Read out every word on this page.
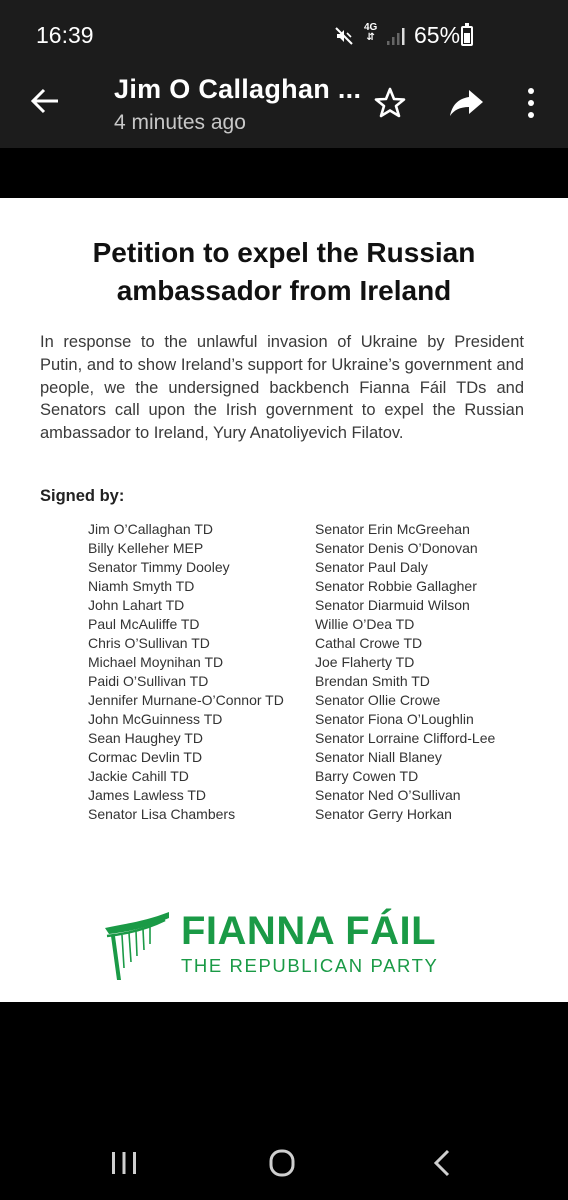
16:39	4G
⇵ 65%
Jim O Callaghan ...
4 minutes ago
Petition to expel the Russian ambassador from Ireland
In response to the unlawful invasion of Ukraine by President Putin, and to show Ireland’s support for Ukraine’s government and people, we the undersigned backbench Fianna Fáil TDs and Senators call upon the Irish government to expel the Russian ambassador to Ireland, Yury Anatoliyevich Filatov.
Signed by:
Jim O’Callaghan TD
Billy Kelleher MEP
Senator Timmy Dooley
Niamh Smyth TD
John Lahart TD
Paul McAuliffe TD
Chris O’Sullivan TD
Michael Moynihan TD
Paidi O’Sullivan TD
Jennifer Murnane-O’Connor TD
John McGuinness TD
Sean Haughey TD
Cormac Devlin TD
Jackie Cahill TD
James Lawless TD
Senator Lisa Chambers
Senator Erin McGreehan
Senator Denis O’Donovan
Senator Paul Daly
Senator Robbie Gallagher
Senator Diarmuid Wilson
Willie O’Dea TD
Cathal Crowe TD
Joe Flaherty TD
Brendan Smith TD
Senator Ollie Crowe
Senator Fiona O’Loughlin
Senator Lorraine Clifford-Lee
Senator Niall Blaney
Barry Cowen TD
Senator Ned O’Sullivan
Senator Gerry Horkan
FIANNA FÁIL
THE REPUBLICAN PARTY
